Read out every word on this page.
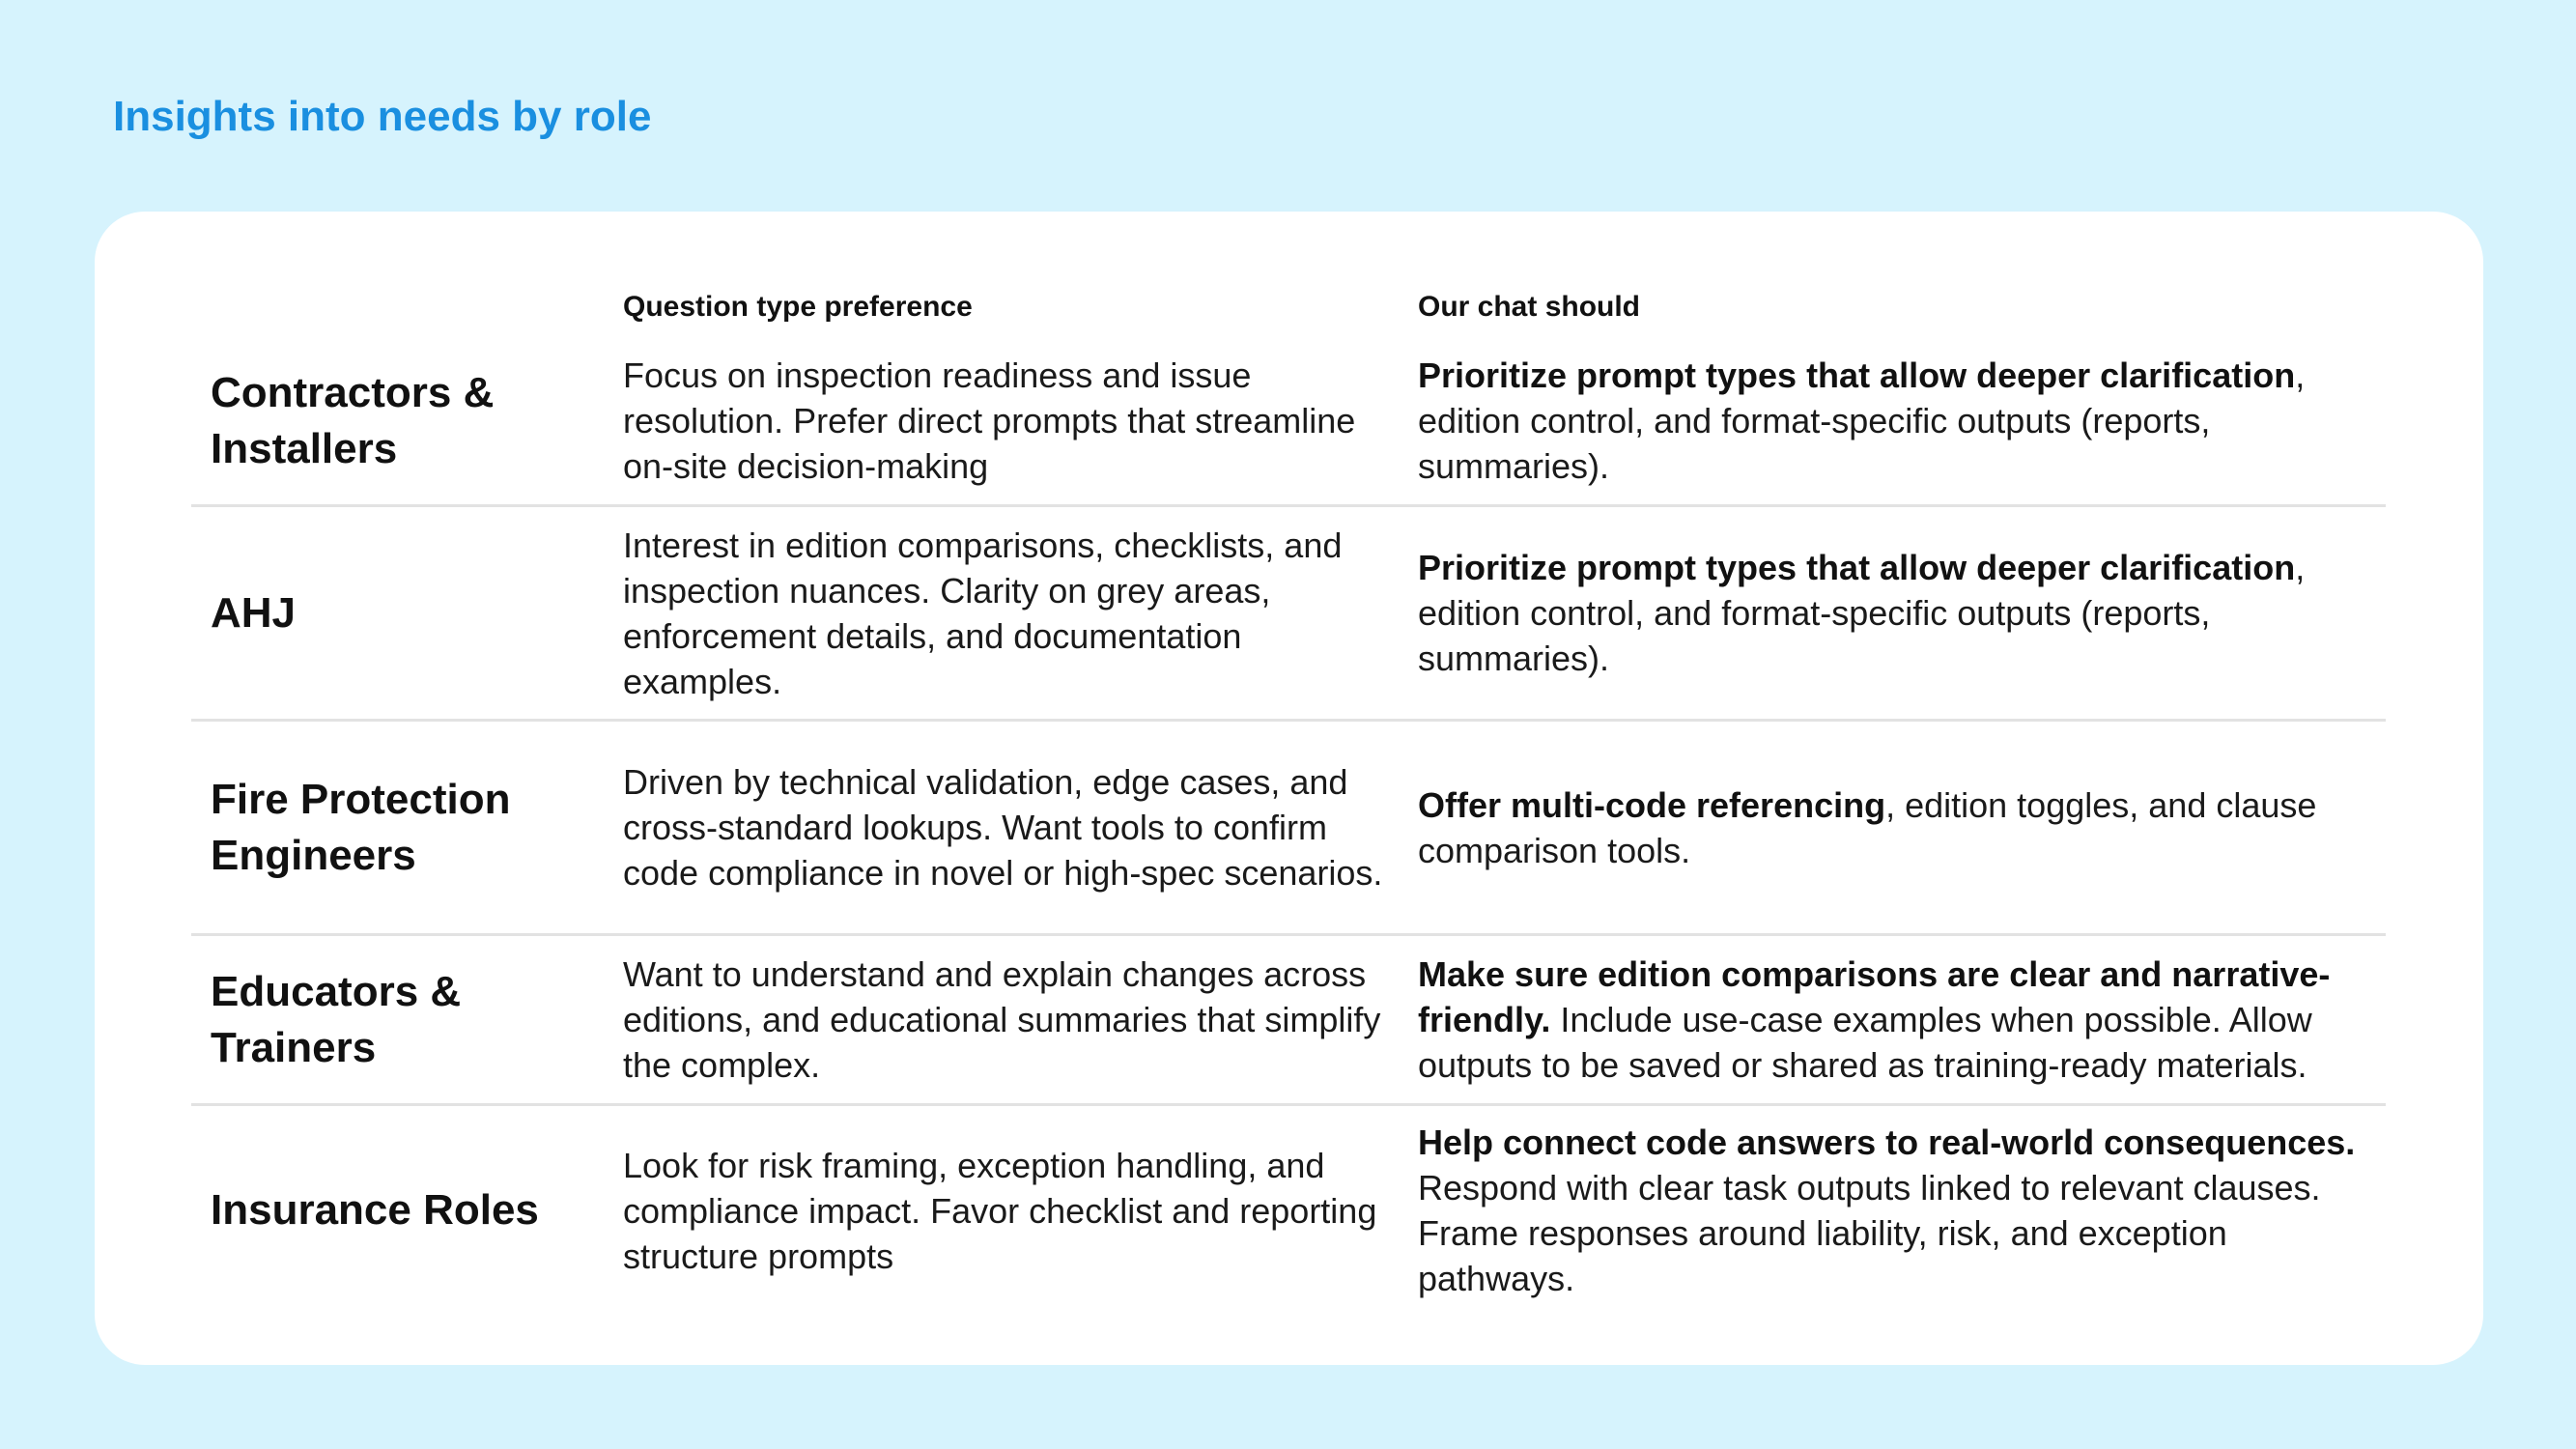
Insights into needs by role
Question type preference	Our chat should
Contractors & Installers
Focus on inspection readiness and issue resolution. Prefer direct prompts that streamline on-site decision-making
Prioritize prompt types that allow deeper clarification, edition control, and format-specific outputs (reports, summaries).
AHJ
Interest in edition comparisons, checklists, and inspection nuances. Clarity on grey areas, enforcement details, and documentation examples.
Prioritize prompt types that allow deeper clarification, edition control, and format-specific outputs (reports, summaries).
Fire Protection Engineers
Driven by technical validation, edge cases, and cross-standard lookups. Want tools to confirm code compliance in novel or high-spec scenarios.
Offer multi-code referencing, edition toggles, and clause comparison tools.
Educators & Trainers
Want to understand and explain changes across editions, and educational summaries that simplify the complex.
Make sure edition comparisons are clear and narrative-friendly. Include use-case examples when possible. Allow outputs to be saved or shared as training-ready materials.
Insurance Roles
Look for risk framing, exception handling, and compliance impact. Favor checklist and reporting structure prompts
Help connect code answers to real-world consequences. Respond with clear task outputs linked to relevant clauses. Frame responses around liability, risk, and exception pathways.
